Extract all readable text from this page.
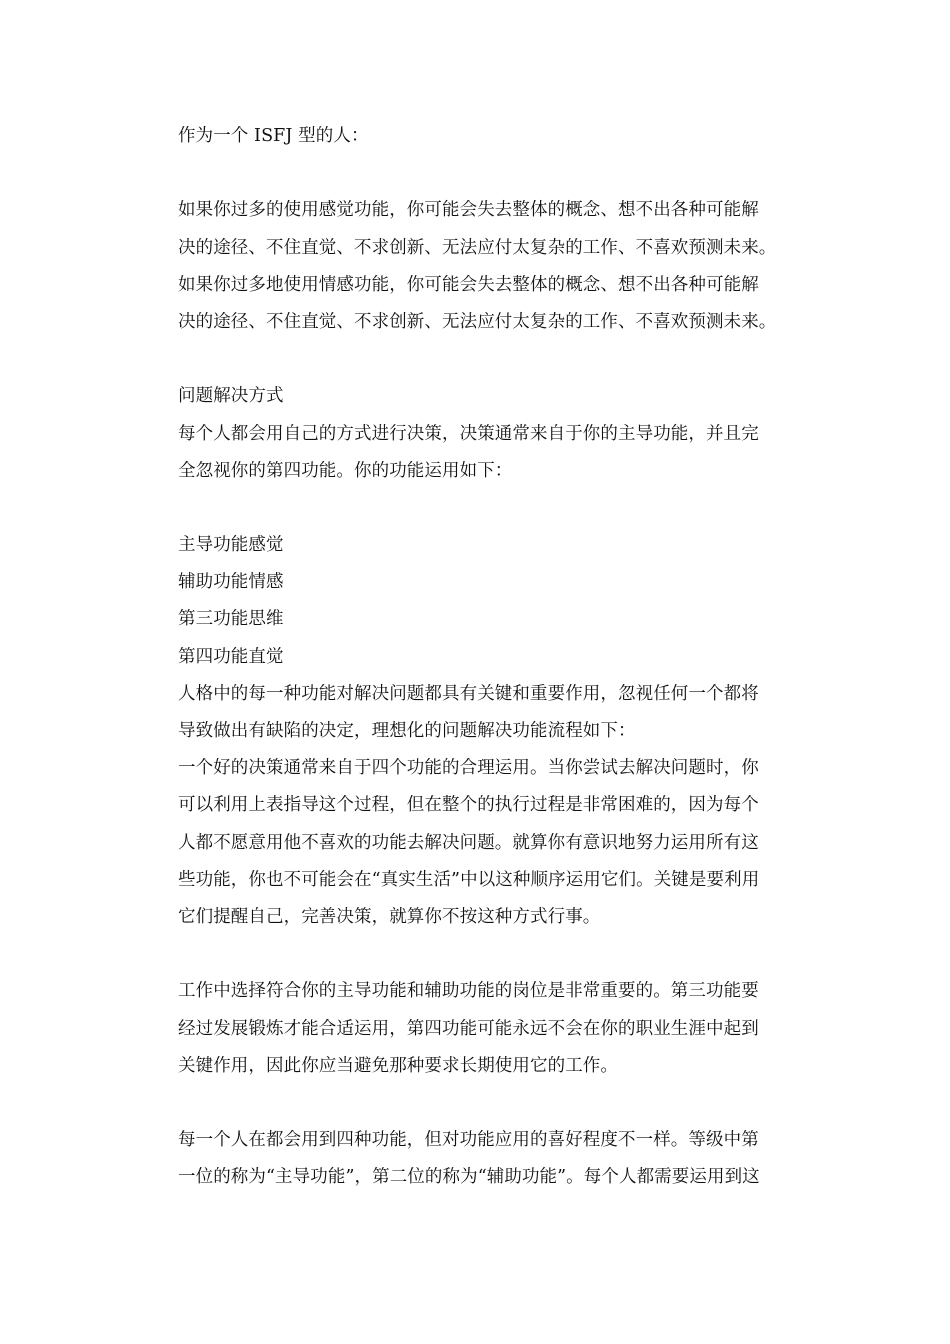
作为一个 ISFJ 型的人：
如果你过多的使用感觉功能，你可能会失去整体的概念、想不出各种可能解
决的途径、不住直觉、不求创新、无法应付太复杂的工作、不喜欢预测未来。
如果你过多地使用情感功能，你可能会失去整体的概念、想不出各种可能解
决的途径、不住直觉、不求创新、无法应付太复杂的工作、不喜欢预测未来。
问题解决方式
每个人都会用自己的方式进行决策，决策通常来自于你的主导功能，并且完
全忽视你的第四功能。你的功能运用如下：
主导功能感觉
辅助功能情感
第三功能思维
第四功能直觉
人格中的每一种功能对解决问题都具有关键和重要作用，忽视任何一个都将
导致做出有缺陷的决定，理想化的问题解决功能流程如下：
一个好的决策通常来自于四个功能的合理运用。当你尝试去解决问题时，你
可以利用上表指导这个过程，但在整个的执行过程是非常困难的，因为每个
人都不愿意用他不喜欢的功能去解决问题。就算你有意识地努力运用所有这
些功能，你也不可能会在“真实生活”中以这种顺序运用它们。关键是要利用
它们提醒自己，完善决策，就算你不按这种方式行事。
工作中选择符合你的主导功能和辅助功能的岗位是非常重要的。第三功能要
经过发展锻炼才能合适运用，第四功能可能永远不会在你的职业生涯中起到
关键作用，因此你应当避免那种要求长期使用它的工作。
每一个人在都会用到四种功能，但对功能应用的喜好程度不一样。等级中第
一位的称为“主导功能”，第二位的称为“辅助功能”。每个人都需要运用到这
